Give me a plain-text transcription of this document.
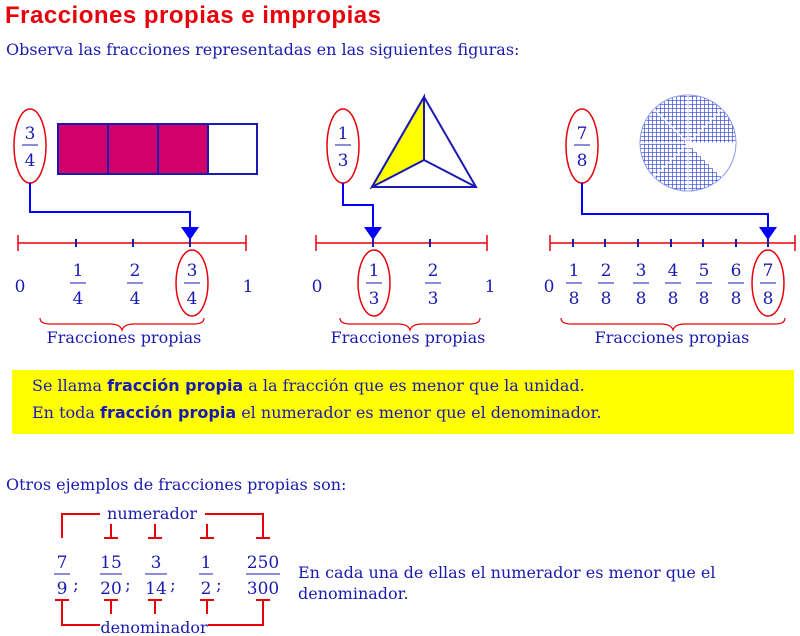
Fracciones propias e impropias
Observa las fracciones representadas en las siguientes figuras:
3
4
0
1
4
2
4
3
4
1
Fracciones propias
1
3
0
1
3
2
3
1
Fracciones propias
7
8
0
1
8
2
8
3
8
4
8
5
8
6
8
7
8
Fracciones propias
numerador
denominador
7
9 ;
15
20 ;
3
14 ;
1
2 ;
250
300

Se llama fracción propia a la fracción que es menor que la unidad.

En toda fracción propia el numerador es menor que el denominador.

Otros ejemplos de fracciones propias son:
En cada una de ellas el numerador es menor que el denominador.
